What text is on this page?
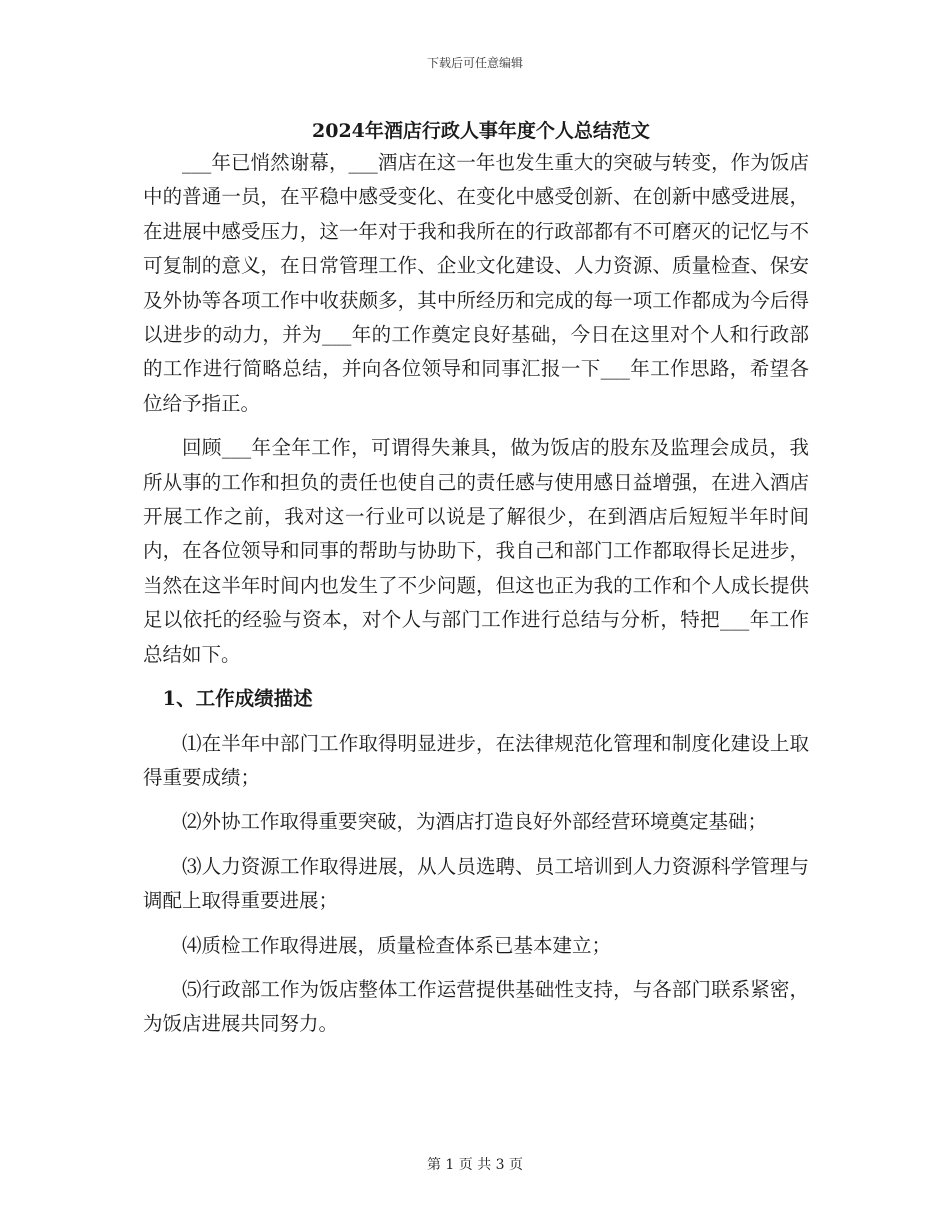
下载后可任意编辑
2024年酒店行政人事年度个人总结范文

___年已悄然谢幕，___酒店在这一年也发生重大的突破与转变，作为饭店中的普通一员，在平稳中感受变化、在变化中感受创新、在创新中感受进展，在进展中感受压力，这一年对于我和我所在的行政部都有不可磨灭的记忆与不可复制的意义，在日常管理工作、企业文化建设、人力资源、质量检查、保安及外协等各项工作中收获颇多，其中所经历和完成的每一项工作都成为今后得以进步的动力，并为___年的工作奠定良好基础，今日在这里对个人和行政部的工作进行简略总结，并向各位领导和同事汇报一下___年工作思路，希望各位给予指正。

回顾___年全年工作，可谓得失兼具，做为饭店的股东及监理会成员，我所从事的工作和担负的责任也使自己的责任感与使用感日益增强，在进入酒店开展工作之前，我对这一行业可以说是了解很少，在到酒店后短短半年时间内，在各位领导和同事的帮助与协助下，我自己和部门工作都取得长足进步，当然在这半年时间内也发生了不少问题，但这也正为我的工作和个人成长提供足以依托的经验与资本，对个人与部门工作进行总结与分析，特把___年工作总结如下。

1、工作成绩描述

⑴在半年中部门工作取得明显进步，在法律规范化管理和制度化建设上取得重要成绩；

⑵外协工作取得重要突破，为酒店打造良好外部经营环境奠定基础；

⑶人力资源工作取得进展，从人员选聘、员工培训到人力资源科学管理与调配上取得重要进展；

⑷质检工作取得进展，质量检查体系已基本建立；

⑸行政部工作为饭店整体工作运营提供基础性支持，与各部门联系紧密，为饭店进展共同努力。

第 1 页 共 3 页
